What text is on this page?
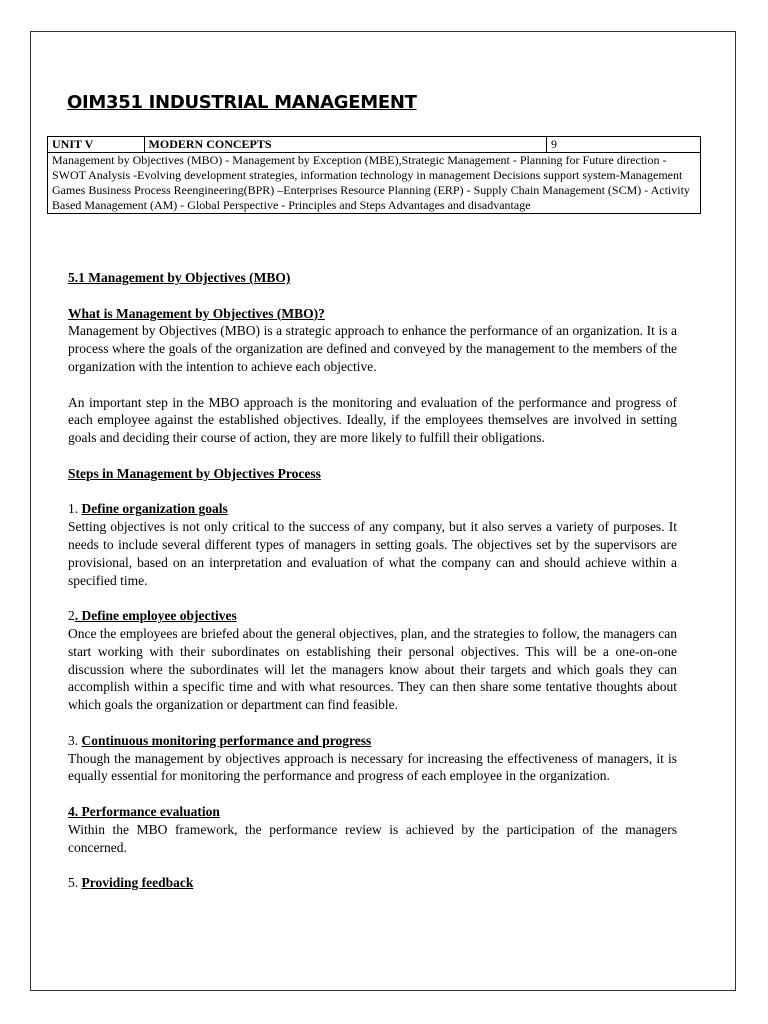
OIM351 INDUSTRIAL MANAGEMENT
UNIT V	MODERN CONCEPTS	9
Management by Objectives (MBO) - Management by Exception (MBE),Strategic Management - Planning for Future direction - SWOT Analysis -Evolving development strategies, information technology in management Decisions support system-Management Games Business Process Reengineering(BPR) –Enterprises Resource Planning (ERP) - Supply Chain Management (SCM) - Activity Based Management (AM) - Global Perspective - Principles and Steps Advantages and disadvantage

5.1 Management by Objectives (MBO)

What is Management by Objectives (MBO)?

Management by Objectives (MBO) is a strategic approach to enhance the performance of an organization. It is a process where the goals of the organization are defined and conveyed by the management to the members of the organization with the intention to achieve each objective.

An important step in the MBO approach is the monitoring and evaluation of the performance and progress of each employee against the established objectives. Ideally, if the employees themselves are involved in setting goals and deciding their course of action, they are more likely to fulfill their obligations.

Steps in Management by Objectives Process

1. Define organization goals

Setting objectives is not only critical to the success of any company, but it also serves a variety of purposes. It needs to include several different types of managers in setting goals. The objectives set by the supervisors are provisional, based on an interpretation and evaluation of what the company can and should achieve within a specified time.

2. Define employee objectives

Once the employees are briefed about the general objectives, plan, and the strategies to follow, the managers can start working with their subordinates on establishing their personal objectives. This will be a one-on-one discussion where the subordinates will let the managers know about their targets and which goals they can accomplish within a specific time and with what resources. They can then share some tentative thoughts about which goals the organization or department can find feasible.

3. Continuous monitoring performance and progress

Though the management by objectives approach is necessary for increasing the effectiveness of managers, it is equally essential for monitoring the performance and progress of each employee in the organization.

4. Performance evaluation

Within the MBO framework, the performance review is achieved by the participation of the managers concerned.

5. Providing feedback
